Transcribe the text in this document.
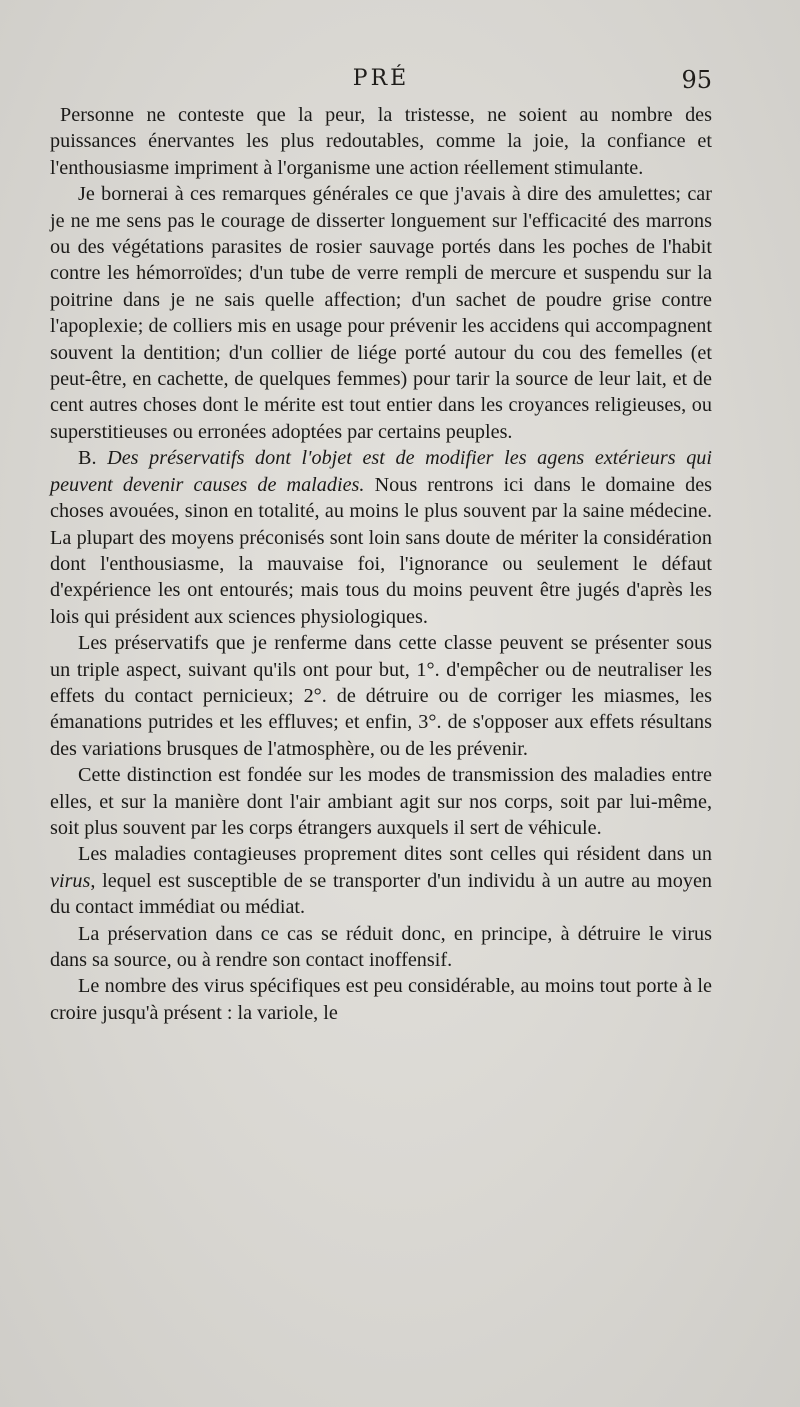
PRÉ	95

Personne ne conteste que la peur, la tristesse, ne soient au nombre des puissances énervantes les plus redoutables, comme la joie, la confiance et l'enthousiasme impriment à l'organisme une action réellement stimulante.

Je bornerai à ces remarques générales ce que j'avais à dire des amulettes; car je ne me sens pas le courage de disserter longuement sur l'efficacité des marrons ou des végétations parasites de rosier sauvage portés dans les poches de l'habit contre les hémorroïdes; d'un tube de verre rempli de mercure et suspendu sur la poitrine dans je ne sais quelle affection; d'un sachet de poudre grise contre l'apoplexie; de colliers mis en usage pour prévenir les accidens qui accompagnent souvent la dentition; d'un collier de liége porté autour du cou des femelles (et peut-être, en cachette, de quelques femmes) pour tarir la source de leur lait, et de cent autres choses dont le mérite est tout entier dans les croyances religieuses, ou superstitieuses ou erronées adoptées par certains peuples.

B. Des préservatifs dont l'objet est de modifier les agens extérieurs qui peuvent devenir causes de maladies. Nous rentrons ici dans le domaine des choses avouées, sinon en totalité, au moins le plus souvent par la saine médecine. La plupart des moyens préconisés sont loin sans doute de mériter la considération dont l'enthousiasme, la mauvaise foi, l'ignorance ou seulement le défaut d'expérience les ont entourés; mais tous du moins peuvent être jugés d'après les lois qui président aux sciences physiologiques.

Les préservatifs que je renferme dans cette classe peuvent se présenter sous un triple aspect, suivant qu'ils ont pour but, 1°. d'empêcher ou de neutraliser les effets du contact pernicieux; 2°. de détruire ou de corriger les miasmes, les émanations putrides et les effluves; et enfin, 3°. de s'opposer aux effets résultans des variations brusques de l'atmosphère, ou de les prévenir.

Cette distinction est fondée sur les modes de transmission des maladies entre elles, et sur la manière dont l'air ambiant agit sur nos corps, soit par lui-même, soit plus souvent par les corps étrangers auxquels il sert de véhicule.

Les maladies contagieuses proprement dites sont celles qui résident dans un virus, lequel est susceptible de se transporter d'un individu à un autre au moyen du contact immédiat ou médiat.

La préservation dans ce cas se réduit donc, en principe, à détruire le virus dans sa source, ou à rendre son contact inoffensif.

Le nombre des virus spécifiques est peu considérable, au moins tout porte à le croire jusqu'à présent : la variole, le
